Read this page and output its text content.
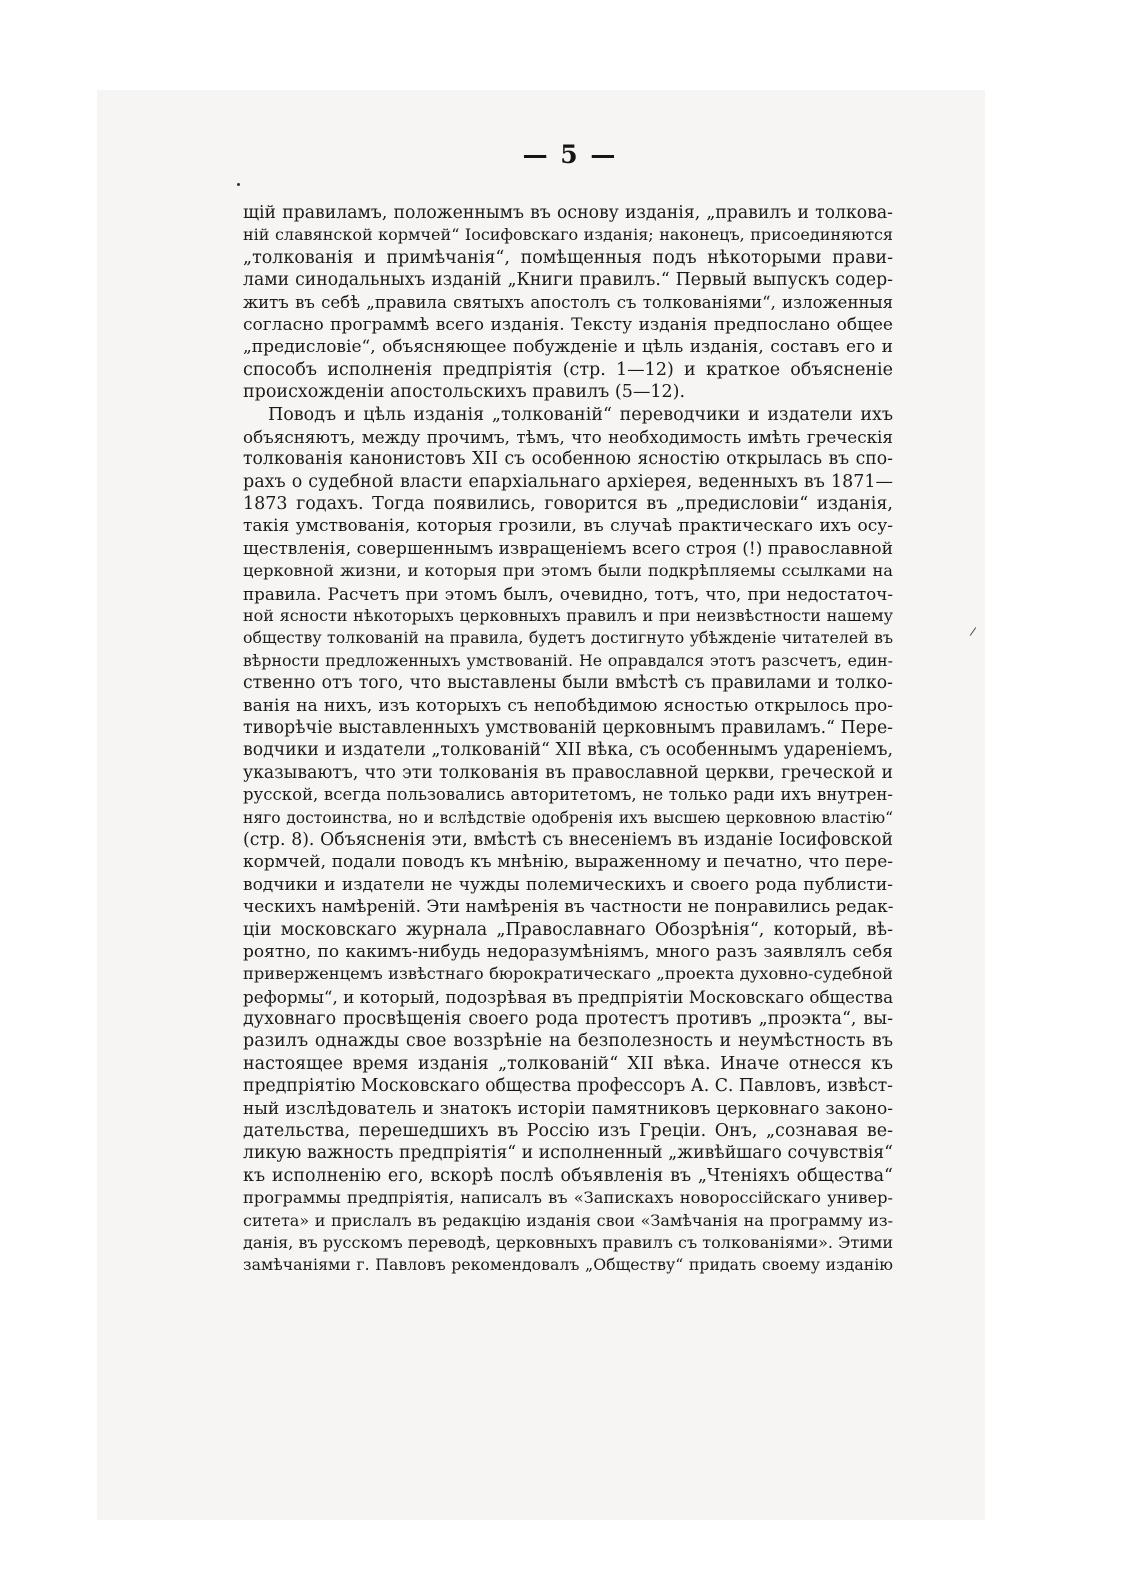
— 5 —
щій правиламъ, положеннымъ въ основу изданія, „правилъ и толкова-
ній славянской кормчей“ Іосифовскаго изданія; наконецъ, присоединяются
„толкованія и примѣчанія“, помѣщенныя подъ нѣкоторыми прави-
лами синодальныхъ изданій „Книги правилъ.“ Первый выпускъ содер-
житъ въ себѣ „правила святыхъ апостолъ съ толкованіями“, изложенныя
согласно программѣ всего изданія. Тексту изданія предпослано общее
„предисловіе“, объясняющее побужденіе и цѣль изданія, составъ его и
способъ исполненія предпріятія (стр. 1—12) и краткое объясненіе
происхожденіи апостольскихъ правилъ (5—12).
Поводъ и цѣль изданія „толкованій“ переводчики и издатели ихъ
объясняютъ, между прочимъ, тѣмъ, что необходимость имѣть греческія
толкованія канонистовъ XII съ особенною ясностію открылась въ спо-
рахъ о судебной власти епархіальнаго архіерея, веденныхъ въ 1871—
1873 годахъ. Тогда появились, говорится въ „предисловіи“ изданія,
такія умствованія, которыя грозили, въ случаѣ практическаго ихъ осу-
ществленія, совершеннымъ извращеніемъ всего строя (!) православной
церковной жизни, и которыя при этомъ были подкрѣпляемы ссылками на
правила. Расчетъ при этомъ былъ, очевидно, тотъ, что, при недостаточ-
ной ясности нѣкоторыхъ церковныхъ правилъ и при неизвѣстности нашему
обществу толкованій на правила, будетъ достигнуто убѣжденіе читателей въ
вѣрности предложенныхъ умствованій. Не оправдался этотъ разсчетъ, един-
ственно отъ того, что выставлены были вмѣстѣ съ правилами и толко-
ванія на нихъ, изъ которыхъ съ непобѣдимою ясностью открылось про-
тиворѣчіе выставленныхъ умствованій церковнымъ правиламъ.“ Пере-
водчики и издатели „толкованій“ XII вѣка, съ особеннымъ удареніемъ,
указываютъ, что эти толкованія въ православной церкви, греческой и
русской, всегда пользовались авторитетомъ, не только ради ихъ внутрен-
няго достоинства, но и вслѣдствіе одобренія ихъ высшею церковною властію“
(стр. 8). Объясненія эти, вмѣстѣ съ внесеніемъ въ изданіе Іосифовской
кормчей, подали поводъ къ мнѣнію, выраженному и печатно, что пере-
водчики и издатели не чужды полемическихъ и своего рода публисти-
ческихъ намѣреній. Эти намѣренія въ частности не понравились редак-
ціи московскаго журнала „Православнаго Обозрѣнія“, который, вѣ-
роятно, по какимъ-нибудь недоразумѣніямъ, много разъ заявлялъ себя
приверженцемъ извѣстнаго бюрократическаго „проекта духовно-судебной
реформы“, и который, подозрѣвая въ предпріятіи Московскаго общества
духовнаго просвѣщенія своего рода протестъ противъ „проэкта“, вы-
разилъ однажды свое воззрѣніе на безполезность и неумѣстность въ
настоящее время изданія „толкованій“ XII вѣка. Иначе отнесся къ
предпріятію Московскаго общества профессоръ А. С. Павловъ, извѣст-
ный изслѣдователь и знатокъ исторіи памятниковъ церковнаго законо-
дательства, перешедшихъ въ Россію изъ Греціи. Онъ, „сознавая ве-
ликую важность предпріятія“ и исполненный „живѣйшаго сочувствія“
къ исполненію его, вскорѣ послѣ объявленія въ „Чтеніяхъ общества“
программы предпріятія, написалъ въ «Запискахъ новороссійскаго универ-
ситета» и прислалъ въ редакцію изданія свои «Замѣчанія на программу из-
данія, въ русскомъ переводѣ, церковныхъ правилъ съ толкованіями». Этими
замѣчаніями г. Павловъ рекомендовалъ „Обществу“ придать своему изданію
